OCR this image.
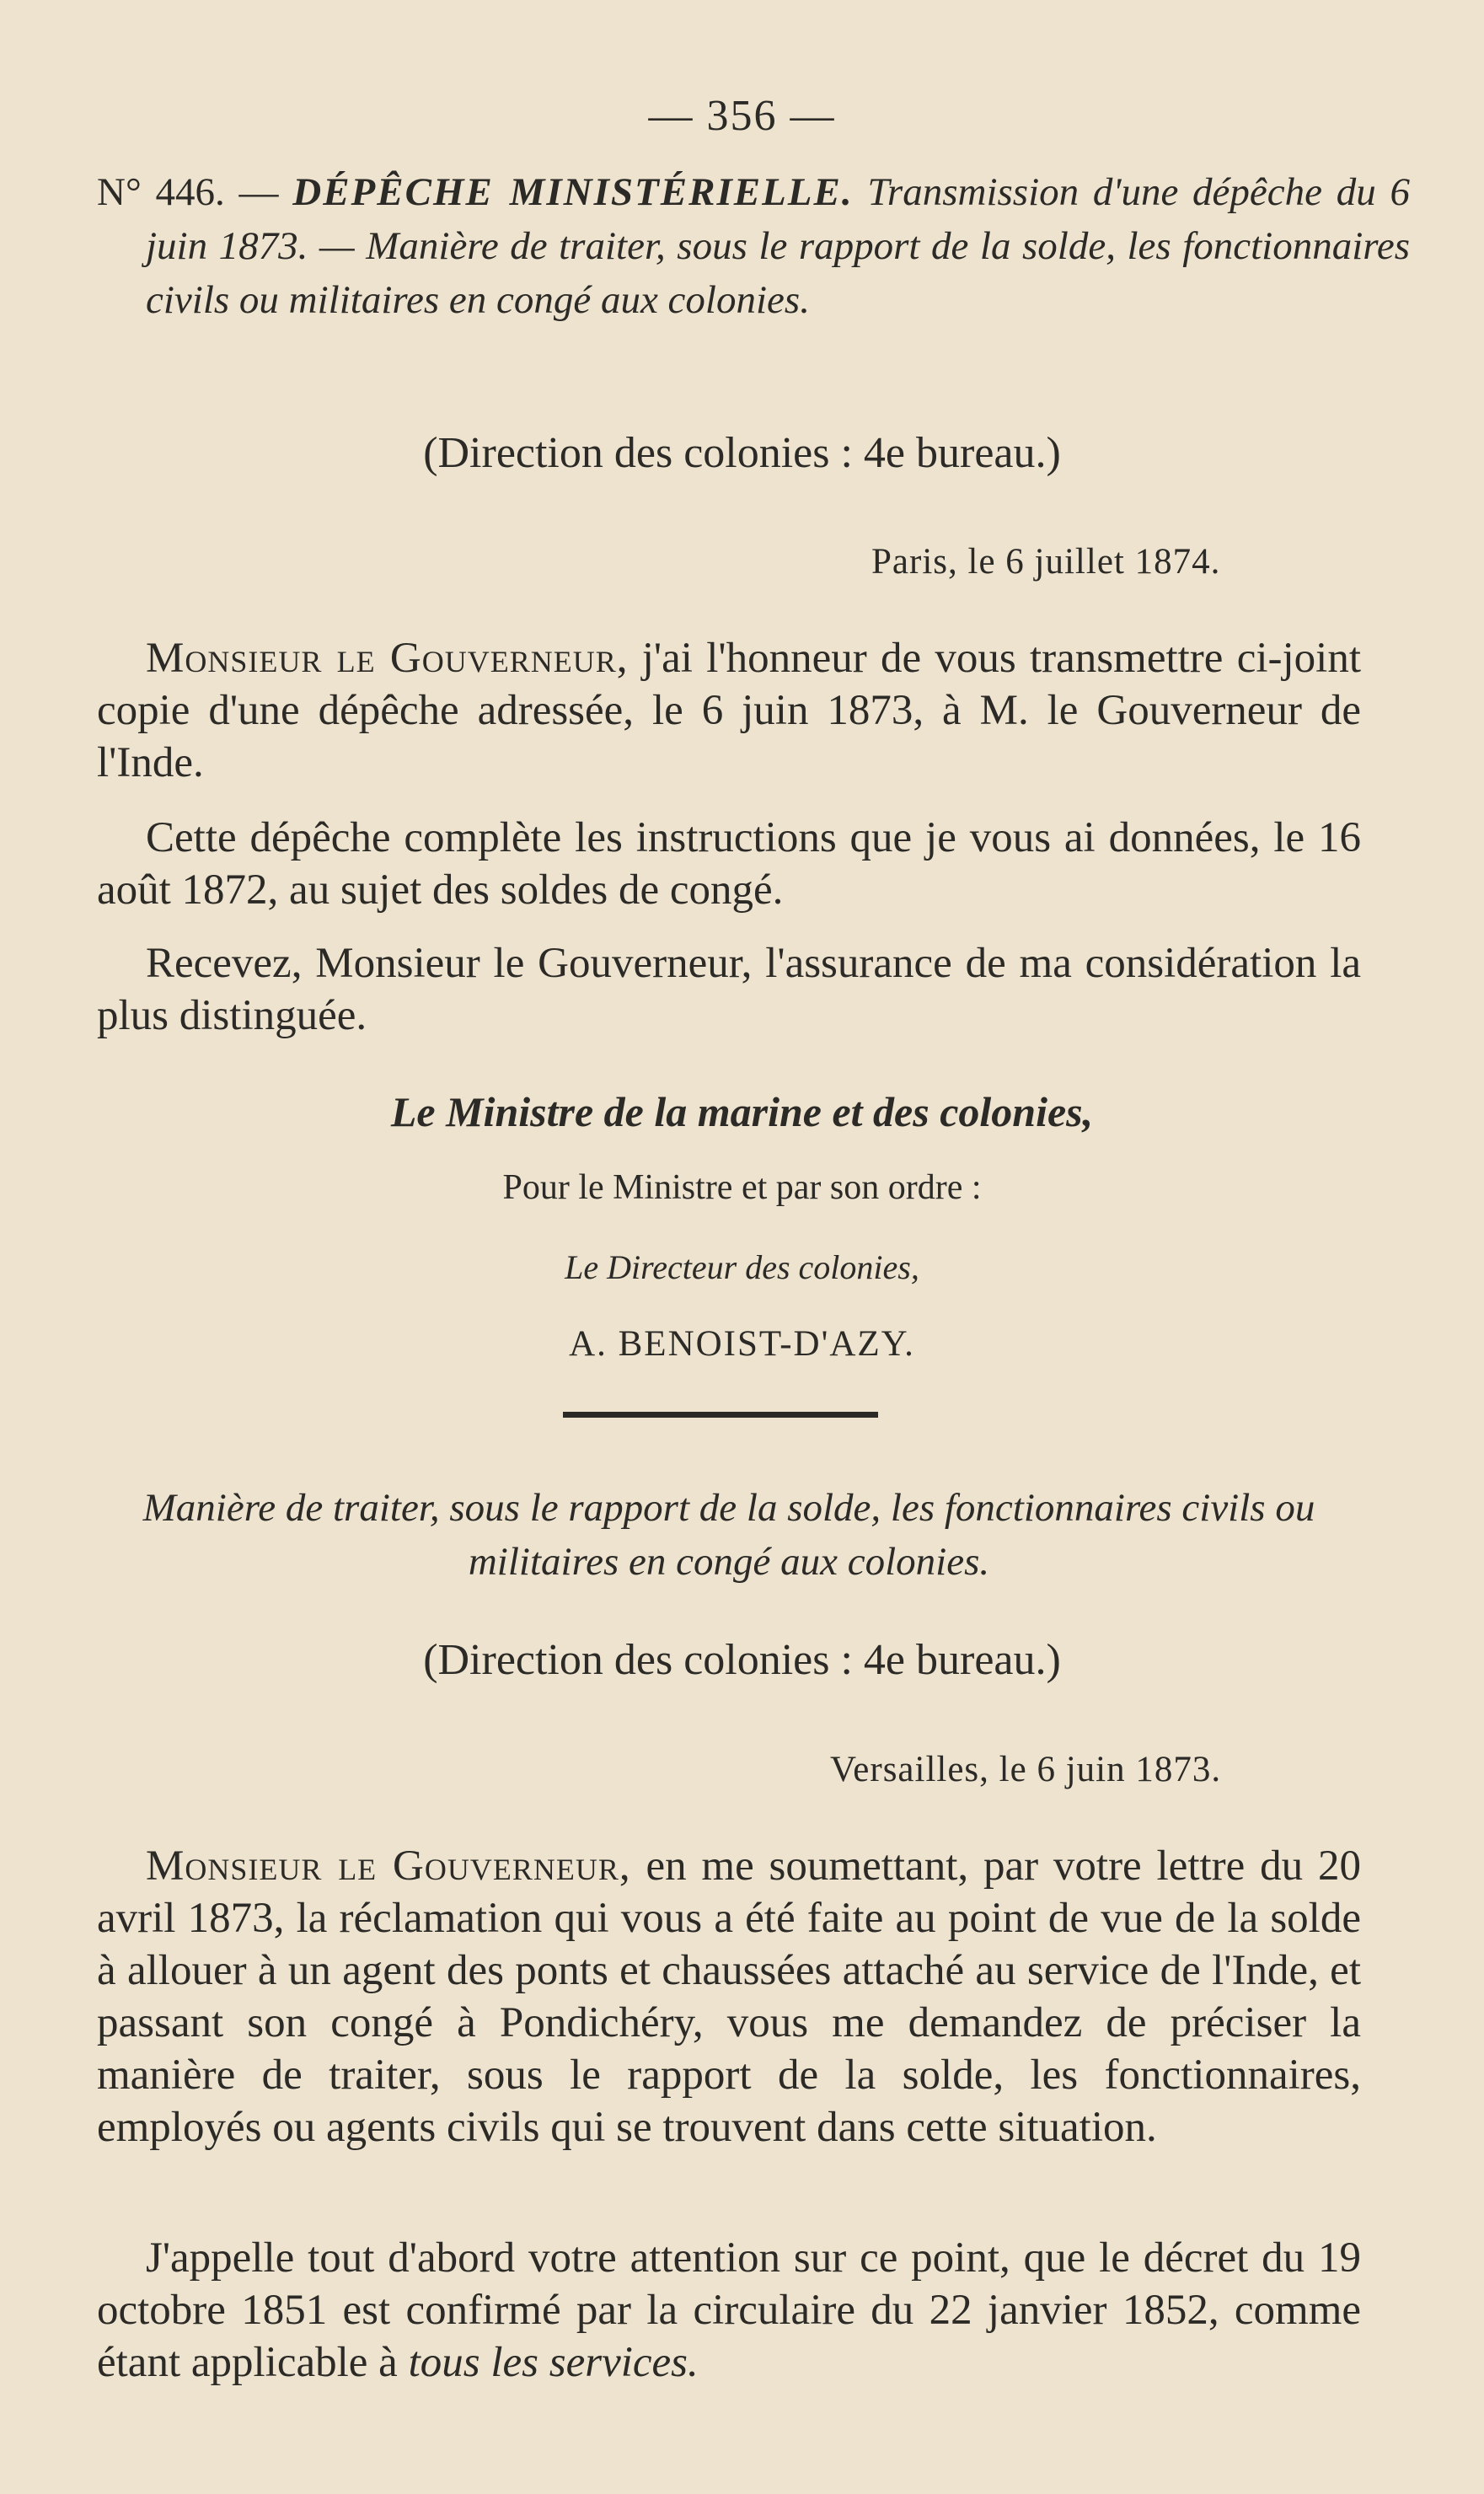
— 356 —
N° 446. — DÉPÊCHE MINISTÉRIELLE. Transmission d'une dépêche du 6 juin 1873. — Manière de traiter, sous le rapport de la solde, les fonctionnaires civils ou militaires en congé aux colonies.
(Direction des colonies : 4e bureau.)
Paris, le 6 juillet 1874.
Monsieur le Gouverneur, j'ai l'honneur de vous transmettre ci-joint copie d'une dépêche adressée, le 6 juin 1873, à M. le Gouverneur de l'Inde.
Cette dépêche complète les instructions que je vous ai données, le 16 août 1872, au sujet des soldes de congé.
Recevez, Monsieur le Gouverneur, l'assurance de ma considération la plus distinguée.
Le Ministre de la marine et des colonies,
Pour le Ministre et par son ordre :
Le Directeur des colonies,
A. BENOIST-D'AZY.
Manière de traiter, sous le rapport de la solde, les fonctionnaires civils ou militaires en congé aux colonies.
(Direction des colonies : 4e bureau.)
Versailles, le 6 juin 1873.
Monsieur le Gouverneur, en me soumettant, par votre lettre du 20 avril 1873, la réclamation qui vous a été faite au point de vue de la solde à allouer à un agent des ponts et chaussées attaché au service de l'Inde, et passant son congé à Pondichéry, vous me demandez de préciser la manière de traiter, sous le rapport de la solde, les fonctionnaires, employés ou agents civils qui se trouvent dans cette situation.
J'appelle tout d'abord votre attention sur ce point, que le décret du 19 octobre 1851 est confirmé par la circulaire du 22 janvier 1852, comme étant applicable à tous les services.
